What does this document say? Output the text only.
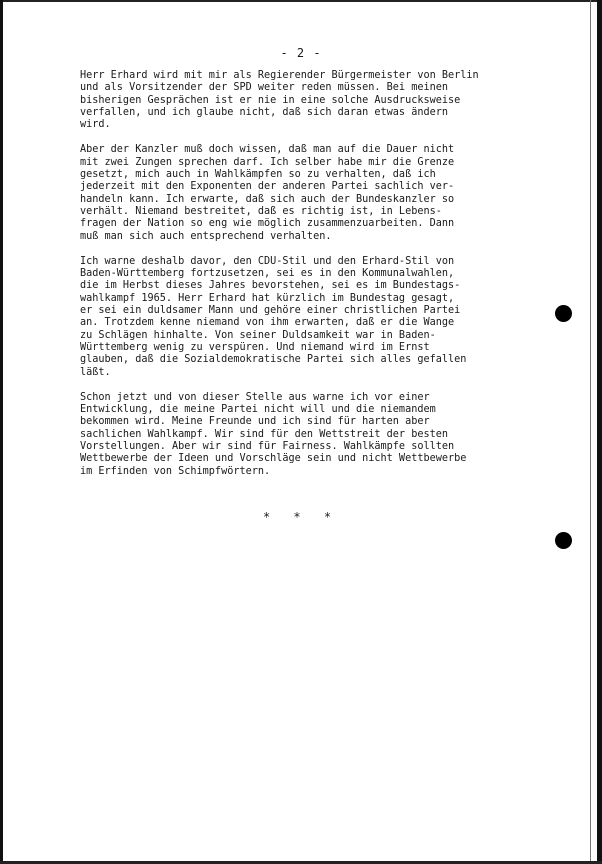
- 2 -

Herr Erhard wird mit mir als Regierender Bürgermeister von Berlin
und als Vorsitzender der SPD weiter reden müssen. Bei meinen
bisherigen Gesprächen ist er nie in eine solche Ausdrucksweise
verfallen, und ich glaube nicht, daß sich daran etwas ändern
wird.

Aber der Kanzler muß doch wissen, daß man auf die Dauer nicht
mit zwei Zungen sprechen darf. Ich selber habe mir die Grenze
gesetzt, mich auch in Wahlkämpfen so zu verhalten, daß ich
jederzeit mit den Exponenten der anderen Partei sachlich ver-
handeln kann. Ich erwarte, daß sich auch der Bundeskanzler so
verhält. Niemand bestreitet, daß es richtig ist, in Lebens-
fragen der Nation so eng wie möglich zusammenzuarbeiten. Dann
muß man sich auch entsprechend verhalten.

Ich warne deshalb davor, den CDU-Stil und den Erhard-Stil von
Baden-Württemberg fortzusetzen, sei es in den Kommunalwahlen,
die im Herbst dieses Jahres bevorstehen, sei es im Bundestags-
wahlkampf 1965. Herr Erhard hat kürzlich im Bundestag gesagt,
er sei ein duldsamer Mann und gehöre einer christlichen Partei
an. Trotzdem kenne niemand von ihm erwarten, daß er die Wange
zu Schlägen hinhalte. Von seiner Duldsamkeit war in Baden-
Württemberg wenig zu verspüren. Und niemand wird im Ernst
glauben, daß die Sozialdemokratische Partei sich alles gefallen
läßt.

Schon jetzt und von dieser Stelle aus warne ich vor einer
Entwicklung, die meine Partei nicht will und die niemandem
bekommen wird. Meine Freunde und ich sind für harten aber
sachlichen Wahlkampf. Wir sind für den Wettstreit der besten
Vorstellungen. Aber wir sind für Fairness. Wahlkämpfe sollten
Wettbewerbe der Ideen und Vorschläge sein und nicht Wettbewerbe
im Erfinden von Schimpfwörtern.

* * *
